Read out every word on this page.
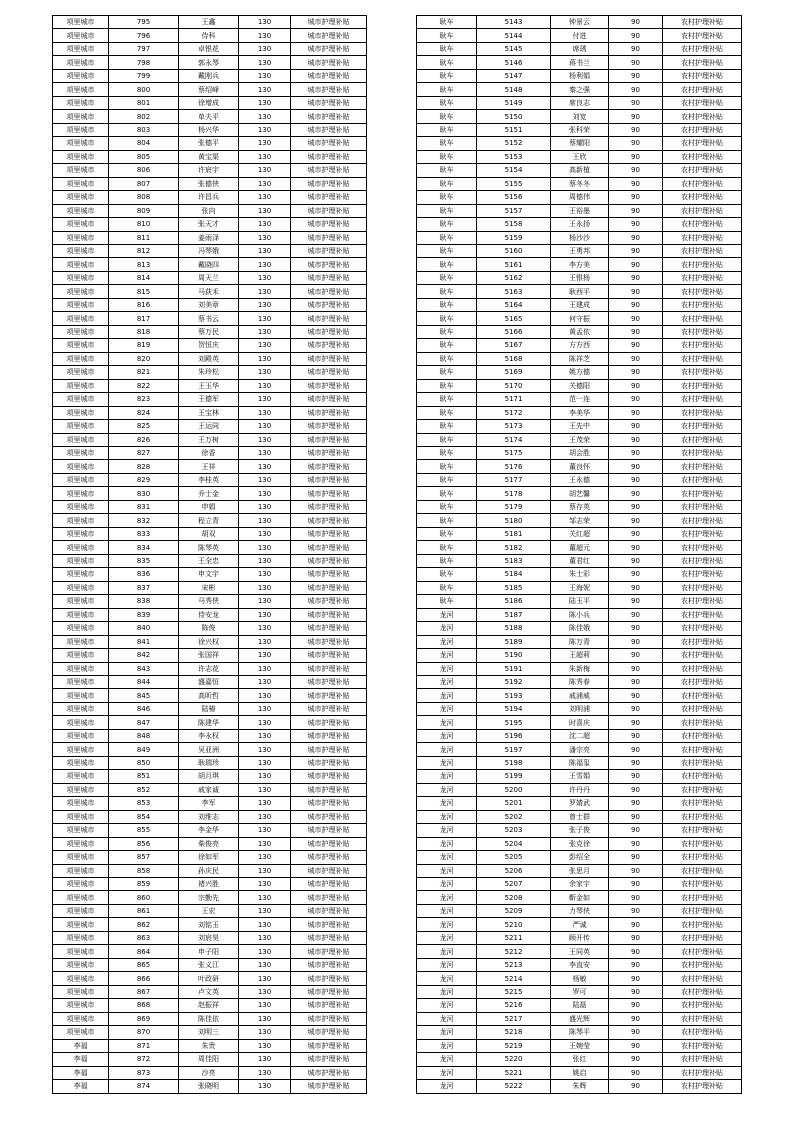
项里城市	795	王鑫	130	城市护理补贴
项里城市	796	侍科	130	城市护理补贴
项里城市	797	卓银花	130	城市护理补贴
项里城市	798	郭永琴	130	城市护理补贴
项里城市	799	戴刚兵	130	城市护理补贴
项里城市	800	蔡绍峰	130	城市护理补贴
项里城市	801	徐增成	130	城市护理补贴
项里城市	802	单夫平	130	城市护理补贴
项里城市	803	杨兴华	130	城市护理补贴
项里城市	804	张德平	130	城市护理补贴
项里城市	805	黄宝渠	130	城市护理补贴
项里城市	806	许宸宇	130	城市护理补贴
项里城市	807	张德侠	130	城市护理补贴
项里城市	808	许昌兵	130	城市护理补贴
项里城市	809	张向	130	城市护理补贴
项里城市	810	张天才	130	城市护理补贴
项里城市	811	姜雨泽	130	城市护理补贴
项里城市	812	冯琴娥	130	城市护理补贴
项里城市	813	戴晓四	130	城市护理补贴
项里城市	814	周天兰	130	城市护理补贴
项里城市	815	马荻禾	130	城市护理补贴
项里城市	816	刘美章	130	城市护理补贴
项里城市	817	蔡书云	130	城市护理补贴
项里城市	818	蔡万民	130	城市护理补贴
项里城市	819	贺恒庆	130	城市护理补贴
项里城市	820	刘殿英	130	城市护理补贴
项里城市	821	朱玲松	130	城市护理补贴
项里城市	822	王玉华	130	城市护理补贴
项里城市	823	王德军	130	城市护理补贴
项里城市	824	王宝林	130	城市护理补贴
项里城市	825	王运同	130	城市护理补贴
项里城市	826	王万树	130	城市护理补贴
项里城市	827	徐香	130	城市护理补贴
项里城市	828	王祥	130	城市护理补贴
项里城市	829	李桂英	130	城市护理补贴
项里城市	830	乔士金	130	城市护理补贴
项里城市	831	申娟	130	城市护理补贴
项里城市	832	程立青	130	城市护理补贴
项里城市	833	胡双	130	城市护理补贴
项里城市	834	陈琴英	130	城市护理补贴
项里城市	835	王全忠	130	城市护理补贴
项里城市	836	申文宇	130	城市护理补贴
项里城市	837	宋彬	130	城市护理补贴
项里城市	838	马秀侠	130	城市护理补贴
项里城市	839	侍安龙	130	城市护理补贴
项里城市	840	陈俊	130	城市护理补贴
项里城市	841	徐兴权	130	城市护理补贴
项里城市	842	张国祥	130	城市护理补贴
项里城市	843	许志花	130	城市护理补贴
项里城市	844	盛嘉恒	130	城市护理补贴
项里城市	845	高昕哲	130	城市护理补贴
项里城市	846	陆椿	130	城市护理补贴
项里城市	847	陈建华	130	城市护理补贴
项里城市	848	李永权	130	城市护理补贴
项里城市	849	吴亚洲	130	城市护理补贴
项里城市	850	耿瑞珍	130	城市护理补贴
项里城市	851	胡月琪	130	城市护理补贴
项里城市	852	戚家诚	130	城市护理补贴
项里城市	853	李军	130	城市护理补贴
项里城市	854	刘维志	130	城市护理补贴
项里城市	855	李金华	130	城市护理补贴
项里城市	856	柴俊亮	130	城市护理补贴
项里城市	857	徐如军	130	城市护理补贴
项里城市	858	孙庆民	130	城市护理补贴
项里城市	859	褚兴胜	130	城市护理补贴
项里城市	860	宗勤先	130	城市护理补贴
项里城市	861	王宏	130	城市护理补贴
项里城市	862	刘铭玉	130	城市护理补贴
项里城市	863	刘宸昊	130	城市护理补贴
项里城市	864	申子阳	130	城市护理补贴
项里城市	865	张义江	130	城市护理补贴
项里城市	866	叶政研	130	城市护理补贴
项里城市	867	卢文英	130	城市护理补贴
项里城市	868	赵振祥	130	城市护理补贴
项里城市	869	陈佳依	130	城市护理补贴
项里城市	870	刘明三	130	城市护理补贴
李福	871	朱贵	130	城市护理补贴
李福	872	周佳阳	130	城市护理补贴
李福	873	沙亮	130	城市护理补贴
李福	874	张晓明	130	城市护理补贴
耿车	5143	钟景云	90	农村护理补贴
耿车	5144	付进	90	农村护理补贴
耿车	5145	席琇	90	农村护理补贴
耿车	5146	蒋书兰	90	农村护理补贴
耿车	5147	杨利娟	90	农村护理补贴
耿车	5148	秦之强	90	农村护理补贴
耿车	5149	席良志	90	农村护理补贴
耿车	5150	刘宽	90	农村护理补贴
耿车	5151	张科荣	90	农村护理补贴
耿车	5152	蔡耀阳	90	农村护理补贴
耿车	5153	王欣	90	农村护理补贴
耿车	5154	高新植	90	农村护理补贴
耿车	5155	蔡冬冬	90	农村护理补贴
耿车	5156	周德伟	90	农村护理补贴
耿车	5157	王裕墨	90	农村护理补贴
耿车	5158	王永扬	90	农村护理补贴
耿车	5159	杨沙沙	90	农村护理补贴
耿车	5160	王勇邦	90	农村护理补贴
耿车	5161	李方美	90	农村护理补贴
耿车	5162	王银杨	90	农村护理补贴
耿车	5163	耿西平	90	农村护理补贴
耿车	5164	王建成	90	农村护理补贴
耿车	5165	何守振	90	农村护理补贴
耿车	5166	黄孟依	90	农村护理补贴
耿车	5167	方方西	90	农村护理补贴
耿车	5168	陈祥芝	90	农村护理补贴
耿车	5169	姚方德	90	农村护理补贴
耿车	5170	关德阳	90	农村护理补贴
耿车	5171	范一连	90	农村护理补贴
耿车	5172	李美华	90	农村护理补贴
耿车	5173	王先中	90	农村护理补贴
耿车	5174	王茂荣	90	农村护理补贴
耿车	5175	胡会胜	90	农村护理补贴
耿车	5176	董良怀	90	农村护理补贴
耿车	5177	王永德	90	农村护理补贴
耿车	5178	胡艺馨	90	农村护理补贴
耿车	5179	蔡存英	90	农村护理补贴
耿车	5180	邹志荣	90	农村护理补贴
耿车	5181	关红超	90	农村护理补贴
耿车	5182	董超元	90	农村护理补贴
耿车	5183	董君红	90	农村护理补贴
耿车	5184	朱士彩	90	农村护理补贴
耿车	5185	王海妮	90	农村护理补贴
耿车	5186	陆玉平	90	农村护理补贴
龙河	5187	陈小兵	90	农村护理补贴
龙河	5188	陈佳娥	90	农村护理补贴
龙河	5189	陈万青	90	农村护理补贴
龙河	5190	王超莉	90	农村护理补贴
龙河	5191	朱新梅	90	农村护理补贴
龙河	5192	陈秀春	90	农村护理补贴
龙河	5193	戚浦威	90	农村护理补贴
龙河	5194	刘明浦	90	农村护理补贴
龙河	5195	时喜庆	90	农村护理补贴
龙河	5196	沈二超	90	农村护理补贴
龙河	5197	潘宗亮	90	农村护理补贴
龙河	5198	陈福玺	90	农村护理补贴
龙河	5199	王雪娟	90	农村护理补贴
龙河	5200	许丹丹	90	农村护理补贴
龙河	5201	罗婧武	90	农村护理补贴
龙河	5202	曾士群	90	农村护理补贴
龙河	5203	张子俊	90	农村护理补贴
龙河	5204	张克徐	90	农村护理补贴
龙河	5205	彭绍全	90	农村护理补贴
龙河	5206	张思月	90	农村护理补贴
龙河	5207	余家宇	90	农村护理补贴
龙河	5208	靳金如	90	农村护理补贴
龙河	5209	力琴侠	90	农村护理补贴
龙河	5210	严诚	90	农村护理补贴
龙河	5211	顾开传	90	农村护理补贴
龙河	5212	王同英	90	农村护理补贴
龙河	5213	李直安	90	农村护理补贴
龙河	5214	杨敏	90	农村护理补贴
龙河	5215	罗可	90	农村护理补贴
龙河	5216	陆磊	90	农村护理补贴
龙河	5217	盛光辉	90	农村护理补贴
龙河	5218	陈琴平	90	农村护理补贴
龙河	5219	王婉莹	90	农村护理补贴
龙河	5220	张红	90	农村护理补贴
龙河	5221	姚启	90	农村护理补贴
龙河	5222	朱辉	90	农村护理补贴
